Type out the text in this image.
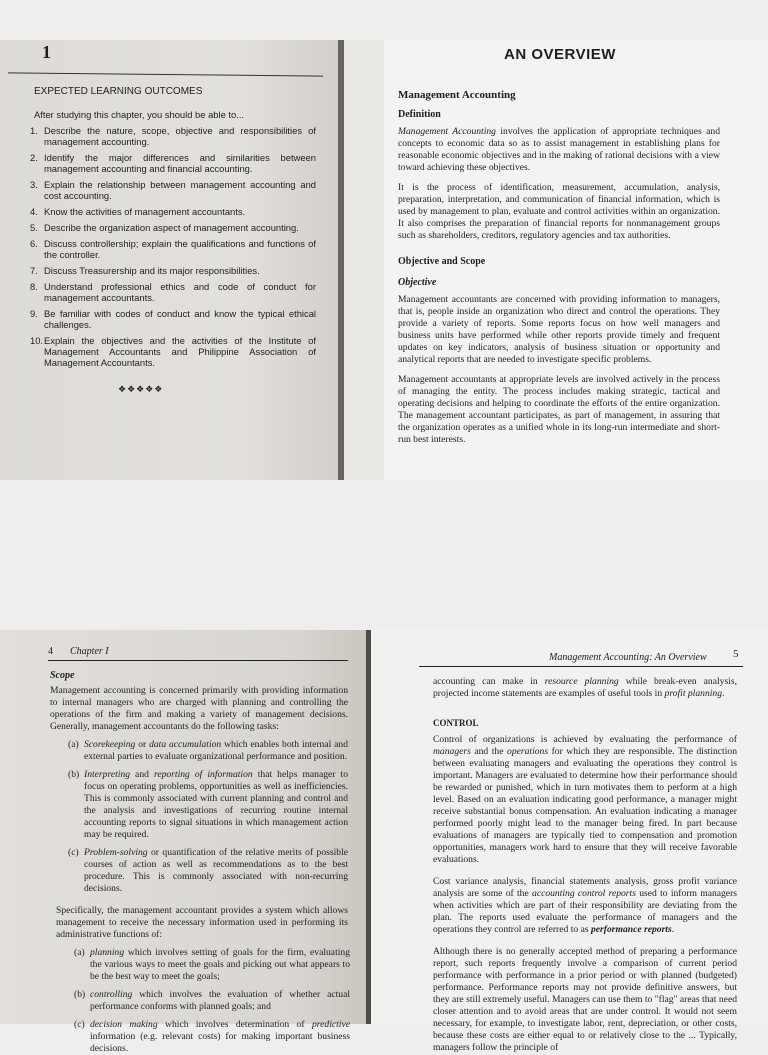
1
EXPECTED LEARNING OUTCOMES
After studying this chapter, you should be able to...
1. Describe the nature, scope, objective and responsibilities of management accounting.
2. Identify the major differences and similarities between management accounting and financial accounting.
3. Explain the relationship between management accounting and cost accounting.
4. Know the activities of management accountants.
5. Describe the organization aspect of management accounting.
6. Discuss controllership; explain the qualifications and functions of the controller.
7. Discuss Treasurership and its major responsibilities.
8. Understand professional ethics and code of conduct for management accountants.
9. Be familiar with codes of conduct and know the typical ethical challenges.
10. Explain the objectives and the activities of the Institute of Management Accountants and Philippine Association of Management Accountants.
❖❖❖❖❖
AN OVERVIEW
Management Accounting
Definition
Management Accounting involves the application of appropriate techniques and concepts to economic data so as to assist management in establishing plans for reasonable economic objectives and in the making of rational decisions with a view toward achieving these objectives.
It is the process of identification, measurement, accumulation, analysis, preparation, interpretation, and communication of financial information, which is used by management to plan, evaluate and control activities within an organization. It also comprises the preparation of financial reports for nonmanagement groups such as shareholders, creditors, regulatory agencies and tax authorities.
Objective and Scope
Objective
Management accountants are concerned with providing information to managers, that is, people inside an organization who direct and control the operations. They provide a variety of reports. Some reports focus on how well managers and business units have performed while other reports provide timely and frequent updates on key indicators, analysis of business situation or opportunity and analytical reports that are needed to investigate specific problems.
Management accountants at appropriate levels are involved actively in the process of managing the entity. The process includes making strategic, tactical and operating decisions and helping to coordinate the efforts of the entire organization. The management accountant participates, as part of management, in assuring that the organization operates as a unified whole in its long-run intermediate and short-run best interests.
4 Chapter I
Scope
Management accounting is concerned primarily with providing information to internal managers who are charged with planning and controlling the operations of the firm and making a variety of management decisions. Generally, management accountants do the following tasks:
(a) Scorekeeping or data accumulation which enables both internal and external parties to evaluate organizational performance and position.
(b) Interpreting and reporting of information that helps manager to focus on operating problems, opportunities as well as inefficiencies. This is commonly associated with current planning and control and the analysis and investigations of recurring routine internal accounting reports to signal situations in which management action may be required.
(c) Problem-solving or quantification of the relative merits of possible courses of action as well as recommendations as to the best procedure. This is commonly associated with non-recurring decisions.
Specifically, the management accountant provides a system which allows management to receive the necessary information used in performing its administrative functions of:
(a) planning which involves setting of goals for the firm, evaluating the various ways to meet the goals and picking out what appears to be the best way to meet the goals;
(b) controlling which involves the evaluation of whether actual performance conforms with planned goals; and
(c) decision making which involves determination of predictive information (e.g. relevant costs) for making important business decisions.
Management Accounting: An Overview 5
accounting can make in resource planning while break-even analysis, projected income statements are examples of useful tools in profit planning.
CONTROL
Control of organizations is achieved by evaluating the performance of managers and the operations for which they are responsible. The distinction between evaluating managers and evaluating the operations they control is important. Managers are evaluated to determine how their performance should be rewarded or punished, which in turn motivates them to perform at a high level. Based on an evaluation indicating good performance, a manager might receive substantial bonus compensation. An evaluation indicating a manager performed poorly might lead to the manager being fired. In part because evaluations of managers are typically tied to compensation and promotion opportunities, managers work hard to ensure that they will receive favorable evaluations.
Cost variance analysis, financial statements analysis, gross profit variance analysis are some of the accounting control reports used to inform managers when activities which are part of their responsibility are deviating from the plan. The reports used evaluate the performance of managers and the operations they control are referred to as performance reports.
Although there is no generally accepted method of preparing a performance report, such reports frequently involve a comparison of current period performance with performance in a prior period or with planned (budgeted) performance. Performance reports may not provide definitive answers, but they are still extremely useful. Managers can use them to "flag" areas that need closer attention and to avoid areas that are under control. It would not seem necessary, for example, to investigate labor, rent, depreciation, or other costs, because these costs are either equal to or relatively close to the ... Typically, managers follow the principle of
